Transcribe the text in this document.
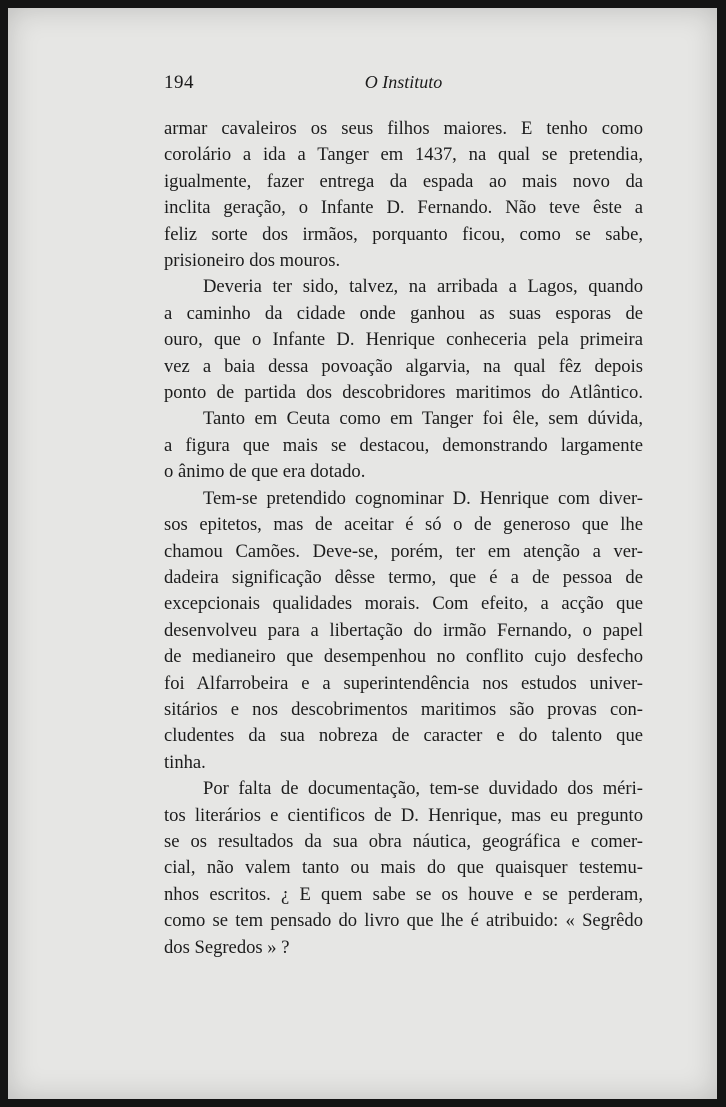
194	O Instituto

armar cavaleiros os seus filhos maiores. E tenho como

corolário a ida a Tanger em 1437, na qual se pretendia,

igualmente, fazer entrega da espada ao mais novo da

inclita geração, o Infante D. Fernando. Não teve êste a

feliz sorte dos irmãos, porquanto ficou, como se sabe,

prisioneiro dos mouros.

Deveria ter sido, talvez, na arribada a Lagos, quando

a caminho da cidade onde ganhou as suas esporas de

ouro, que o Infante D. Henrique conheceria pela primeira

vez a baia dessa povoação algarvia, na qual fêz depois

ponto de partida dos descobridores maritimos do Atlântico.

Tanto em Ceuta como em Tanger foi êle, sem dúvida,

a figura que mais se destacou, demonstrando largamente

o ânimo de que era dotado.

Tem-se pretendido cognominar D. Henrique com diver-

sos epitetos, mas de aceitar é só o de generoso que lhe

chamou Camões. Deve-se, porém, ter em atenção a ver-

dadeira significação dêsse termo, que é a de pessoa de

excepcionais qualidades morais. Com efeito, a acção que

desenvolveu para a libertação do irmão Fernando, o papel

de medianeiro que desempenhou no conflito cujo desfecho

foi Alfarrobeira e a superintendência nos estudos univer-

sitários e nos descobrimentos maritimos são provas con-

cludentes da sua nobreza de caracter e do talento que

tinha.

Por falta de documentação, tem-se duvidado dos méri-

tos literários e cientificos de D. Henrique, mas eu pregunto

se os resultados da sua obra náutica, geográfica e comer-

cial, não valem tanto ou mais do que quaisquer testemu-

nhos escritos. ¿ E quem sabe se os houve e se perderam,

como se tem pensado do livro que lhe é atribuido: « Segrêdo

dos Segredos » ?
